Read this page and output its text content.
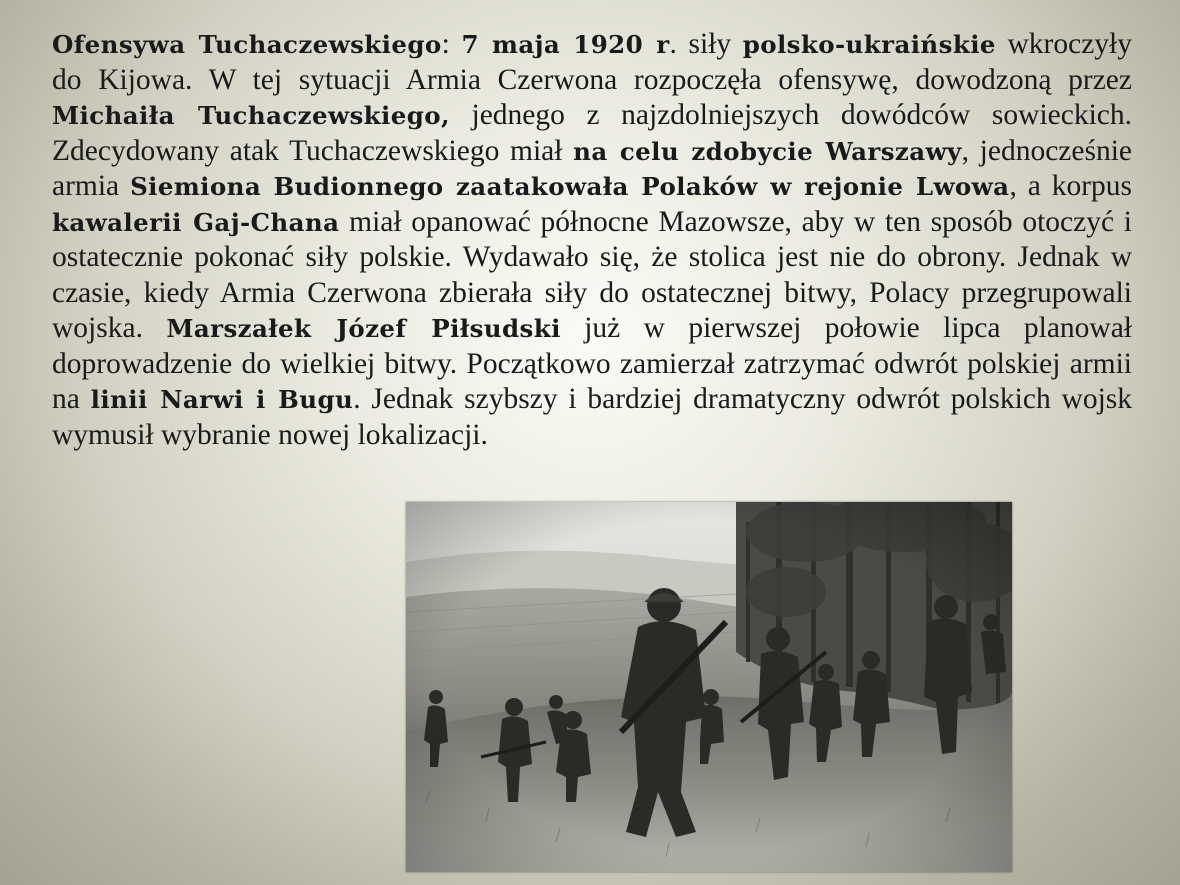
Ofensywa Tuchaczewskiego: 7 maja 1920 r. siły polsko-ukraińskie wkroczyły do Kijowa. W tej sytuacji Armia Czerwona rozpoczęła ofensywę, dowodzoną przez Michaiła Tuchaczewskiego, jednego z najzdolniejszych dowódców sowieckich. Zdecydowany atak Tuchaczewskiego miał na celu zdobycie Warszawy, jednocześnie armia Siemiona Budionnego zaatakowała Polaków w rejonie Lwowa, a korpus kawalerii Gaj-Chana miał opanować północne Mazowsze, aby w ten sposób otoczyć i ostatecznie pokonać siły polskie. Wydawało się, że stolica jest nie do obrony. Jednak w czasie, kiedy Armia Czerwona zbierała siły do ostatecznej bitwy, Polacy przegrupowali wojska. Marszałek Józef Piłsudski już w pierwszej połowie lipca planował doprowadzenie do wielkiej bitwy. Początkowo zamierzał zatrzymać odwrót polskiej armii na linii Narwi i Bugu. Jednak szybszy i bardziej dramatyczny odwrót polskich wojsk wymusił wybranie nowej lokalizacji.
